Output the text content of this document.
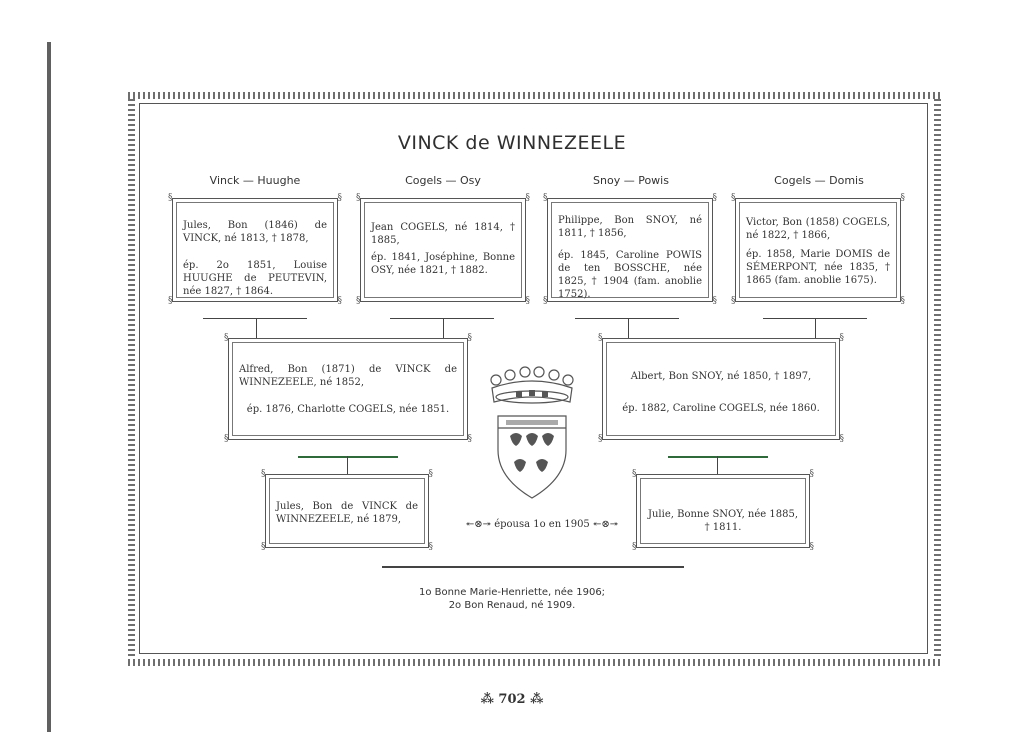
VINCK de WINNEZEELE
Vinck — Huughe	Cogels — Osy	Snoy — Powis	Cogels — Domis
§	§
§	§
Jules, Bon (1846) de VINCK, né 1813, † 1878,
ép. 2o 1851, Louise HUUGHE de PEUTEVIN, née 1827, † 1864.
§	§
§	§
Jean COGELS, né 1814, † 1885,
ép. 1841, Joséphine, Bonne OSY, née 1821, † 1882.
§	§
§	§
Philippe, Bon SNOY, né 1811, † 1856,
ép. 1845, Caroline POWIS de ten BOSSCHE, née 1825, † 1904 (fam. anoblie 1752).
§	§
§	§
Victor, Bon (1858) COGELS, né 1822, † 1866,
ép. 1858, Marie DOMIS de SÉMERPONT, née 1835, † 1865 (fam. anoblie 1675).
§	§
§	§
Alfred, Bon (1871) de VINCK de WINNEZEELE, né 1852,
ép. 1876, Charlotte COGELS, née 1851.
§	§
§	§
Albert, Bon SNOY, né 1850, † 1897,
ép. 1882, Caroline COGELS, née 1860.
§	§
§	§
Jules, Bon de VINCK de WINNEZEELE, né 1879,
§	§
§	§
Julie, Bonne SNOY, née 1885, † 1811.
↞⊗↠ épousa 1o en 1905 ↞⊗↠
1o Bonne Marie-Henriette, née 1906;
2o Bon Renaud, né 1909.
⁂ 702 ⁂
